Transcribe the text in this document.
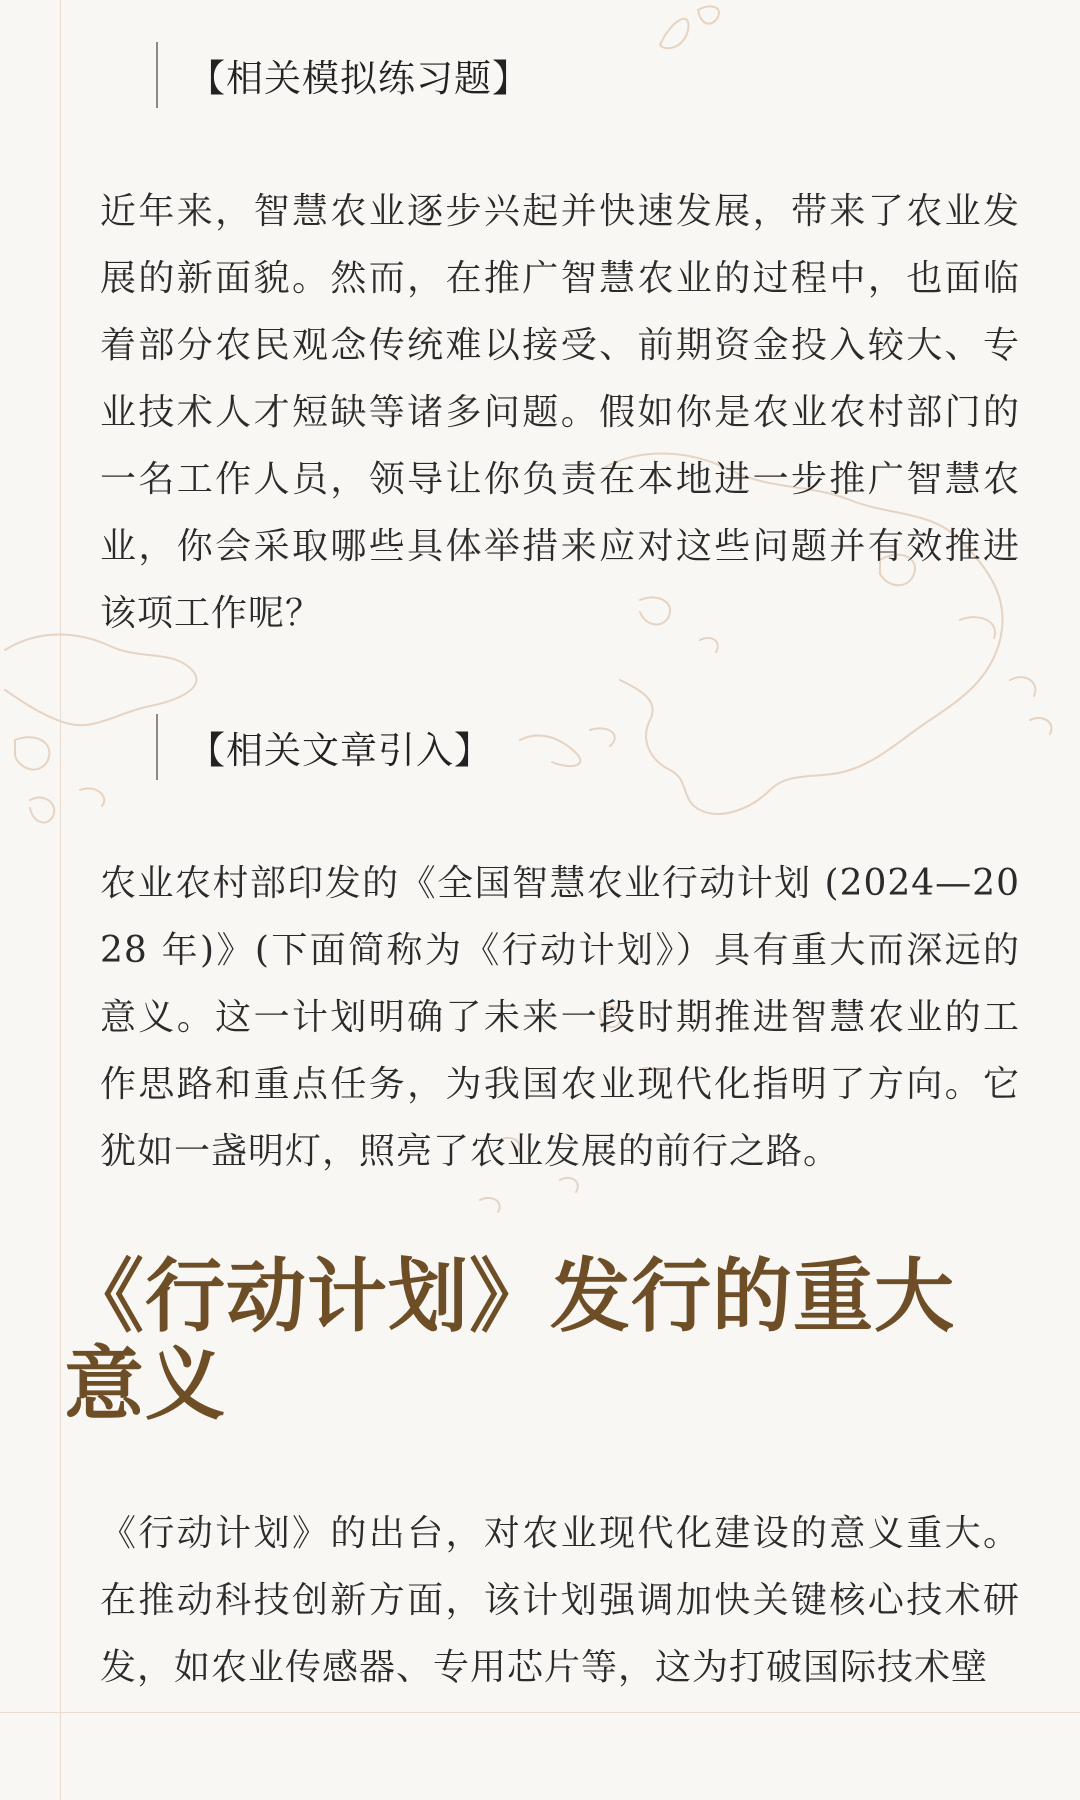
【相关模拟练习题】

近年来，智慧农业逐步兴起并快速发展，带来了农业发展的新面貌。然而，在推广智慧农业的过程中，也面临着部分农民观念传统难以接受、前期资金投入较大、专业技术人才短缺等诸多问题。假如你是农业农村部门的一名工作人员，领导让你负责在本地进一步推广智慧农业，你会采取哪些具体举措来应对这些问题并有效推进该项工作呢？

【相关文章引入】

农业农村部印发的《全国智慧农业行动计划 (2024—2028 年)》(下面简称为《行动计划》）具有重大而深远的意义。这一计划明确了未来一段时期推进智慧农业的工作思路和重点任务，为我国农业现代化指明了方向。它犹如一盏明灯，照亮了农业发展的前行之路。

《行动计划》发行的重大意义

《行动计划》的出台，对农业现代化建设的意义重大。在推动科技创新方面，该计划强调加快关键核心技术研发，如农业传感器、专用芯片等，这为打破国际技术壁
